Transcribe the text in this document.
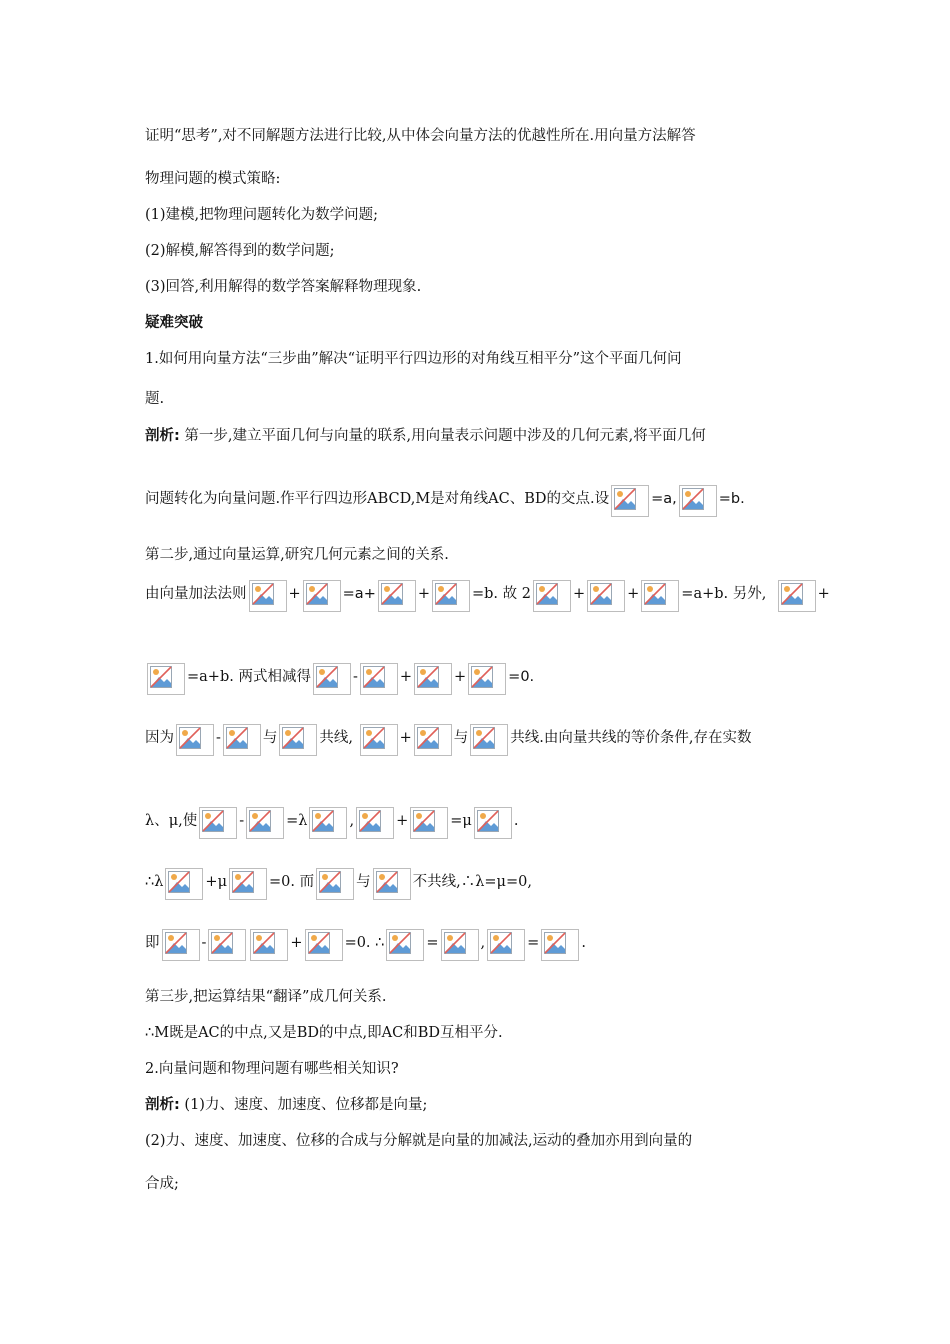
证明“思考”,对不同解题方法进行比较,从中体会向量方法的优越性所在.用向量方法解答
物理问题的模式策略:
(1)建模,把物理问题转化为数学问题;
(2)解模,解答得到的数学问题;
(3)回答,利用解得的数学答案解释物理现象.
疑难突破
1.如何用向量方法“三步曲”解决“证明平行四边形的对角线互相平分”这个平面几何问
题.
剖析: 第一步,建立平面几何与向量的联系,用向量表示问题中涉及的几何元素,将平面几何
问题转化为向量问题.作平行四边形ABCD,M是对角线AC、BD的交点.设	=a,	=b.
第二步,通过向量运算,研究几何元素之间的关系.
由向量加法法则	+	=a+	+	=b. 故 2	+	+	=a+b. 另外,	+
=a+b. 两式相减得	-	+	+	=0.
因为	-	与	共线,	+	与	共线.由向量共线的等价条件,存在实数
λ、μ,使	-	=λ	,	+	=μ	.
∴λ	+μ	=0. 而	与	不共线,∴λ=μ=0,
即	-	+	=0. ∴	=	,	=	.
第三步,把运算结果“翻译”成几何关系.
∴M既是AC的中点,又是BD的中点,即AC和BD互相平分.
2.向量问题和物理问题有哪些相关知识?
剖析: (1)力、速度、加速度、位移都是向量;
(2)力、速度、加速度、位移的合成与分解就是向量的加减法,运动的叠加亦用到向量的
合成;
